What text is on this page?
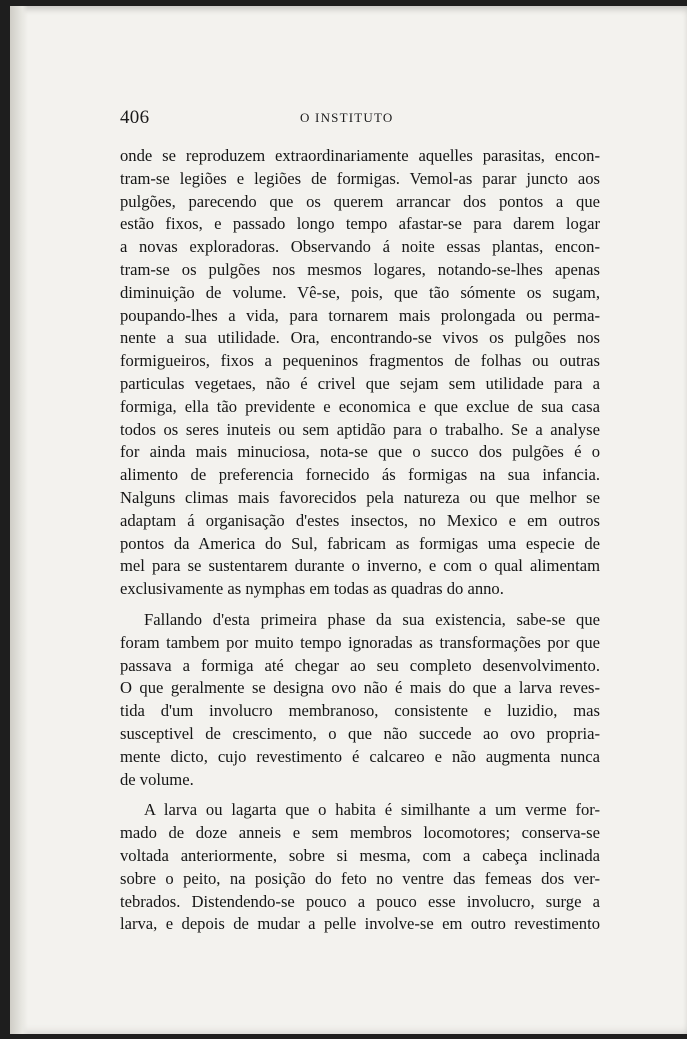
406	O INSTITUTO
onde se reproduzem extraordinariamente aquelles parasitas, encon-
tram-se legiões e legiões de formigas. Vemol-as parar juncto aos
pulgões, parecendo que os querem arrancar dos pontos a que
estão fixos, e passado longo tempo afastar-se para darem logar
a novas exploradoras. Observando á noite essas plantas, encon-
tram-se os pulgões nos mesmos logares, notando-se-lhes apenas
diminuição de volume. Vê-se, pois, que tão sómente os sugam,
poupando-lhes a vida, para tornarem mais prolongada ou perma-
nente a sua utilidade. Ora, encontrando-se vivos os pulgões nos
formigueiros, fixos a pequeninos fragmentos de folhas ou outras
particulas vegetaes, não é crivel que sejam sem utilidade para a
formiga, ella tão previdente e economica e que exclue de sua casa
todos os seres inuteis ou sem aptidão para o trabalho. Se a analyse
for ainda mais minuciosa, nota-se que o succo dos pulgões é o
alimento de preferencia fornecido ás formigas na sua infancia.
Nalguns climas mais favorecidos pela natureza ou que melhor se
adaptam á organisação d'estes insectos, no Mexico e em outros
pontos da America do Sul, fabricam as formigas uma especie de
mel para se sustentarem durante o inverno, e com o qual alimentam
exclusivamente as nymphas em todas as quadras do anno.
Fallando d'esta primeira phase da sua existencia, sabe-se que
foram tambem por muito tempo ignoradas as transformações por que
passava a formiga até chegar ao seu completo desenvolvimento.
O que geralmente se designa ovo não é mais do que a larva reves-
tida d'um involucro membranoso, consistente e luzidio, mas
susceptivel de crescimento, o que não succede ao ovo propria-
mente dicto, cujo revestimento é calcareo e não augmenta nunca
de volume.
A larva ou lagarta que o habita é similhante a um verme for-
mado de doze anneis e sem membros locomotores; conserva-se
voltada anteriormente, sobre si mesma, com a cabeça inclinada
sobre o peito, na posição do feto no ventre das femeas dos ver-
tebrados. Distendendo-se pouco a pouco esse involucro, surge a
larva, e depois de mudar a pelle involve-se em outro revestimento
